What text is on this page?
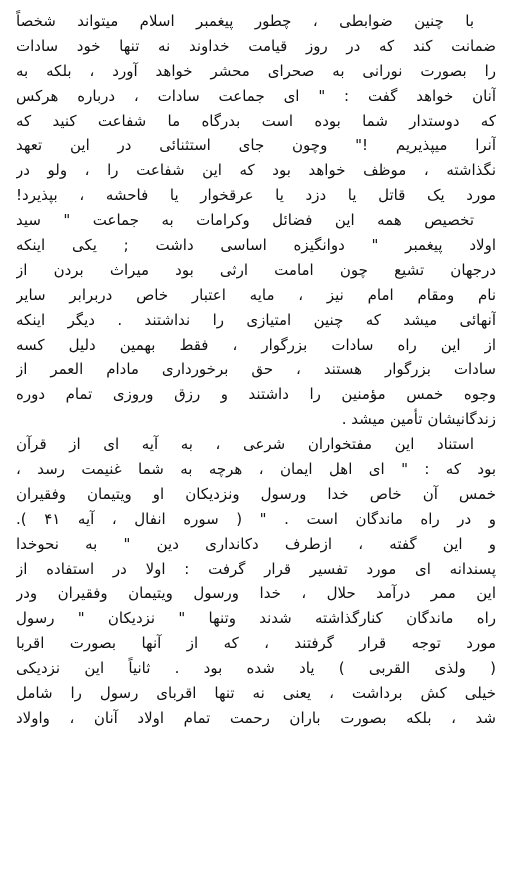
با چنین ضوابطی ، چطور پیغمبر اسلام میتواند شخصاً
ضمانت کند که در روز قیامت خداوند نه تنها خود سادات
را بصورت نورانی به صحرای محشر خواهد آورد ، بلکه به
آنان خواهد گفت : " ای جماعت سادات ، درباره هرکس
که دوستدار شما بوده است بدرگاه ما شفاعت کنید که
آنرا میپذیریم !" وچون جای استثنائی در این تعهد
نگذاشته ، موظف خواهد بود که این شفاعت را ، ولو در
مورد یک قاتل یا دزد یا عرقخوار یا فاحشه ، بپذیرد!
تخصیص همه این فضائل وکرامات به جماعت " سید
اولاد پیغمبر " دوانگیزه اساسی داشت ; یکی اینکه
درجهان تشیع چون امامت ارثی بود میراث بردن از
نام ومقام امام نیز ، مایه اعتبار خاص دربرابر سایر
آنهائی میشد که چنین امتیازی را نداشتند . دیگر اینکه
از این راه سادات بزرگوار ، فقط بهمین دلیل کسه
سادات بزرگوار هستند ، حق برخورداری مادام العمر از
وجوه خمس مؤمنین را داشتند و رزق وروزی تمام دوره
زندگانیشان تأمین میشد .
استناد این مفتخواران شرعی ، به آیه ای از قرآن
بود که : " ای اهل ایمان ، هرچه به شما غنیمت رسد ،
خمس آن خاص خدا ورسول ونزدیکان او ویتیمان وفقیران
و در راه ماندگان است . " ( سوره انفال ، آیه ۴۱ ).
و این گفته ، ازطرف دکانداری دین " به نحوخدا
پسندانه ای مورد تفسیر قرار گرفت : اولا در استفاده از
این ممر درآمد حلال ، خدا ورسول ویتیمان وفقیران ودر
راه ماندگان کنارگذاشته شدند وتنها " نزدیکان " رسول
مورد توجه قرار گرفتند ، که از آنها بصورت اقربا
( ولذی القربی ) یاد شده بود . ثانیاً این نزدیکی
خیلی کش برداشت ، یعنی نه تنها اقربای رسول را شامل
شد ، بلکه بصورت باران رحمت تمام اولاد آنان ، واولاد
